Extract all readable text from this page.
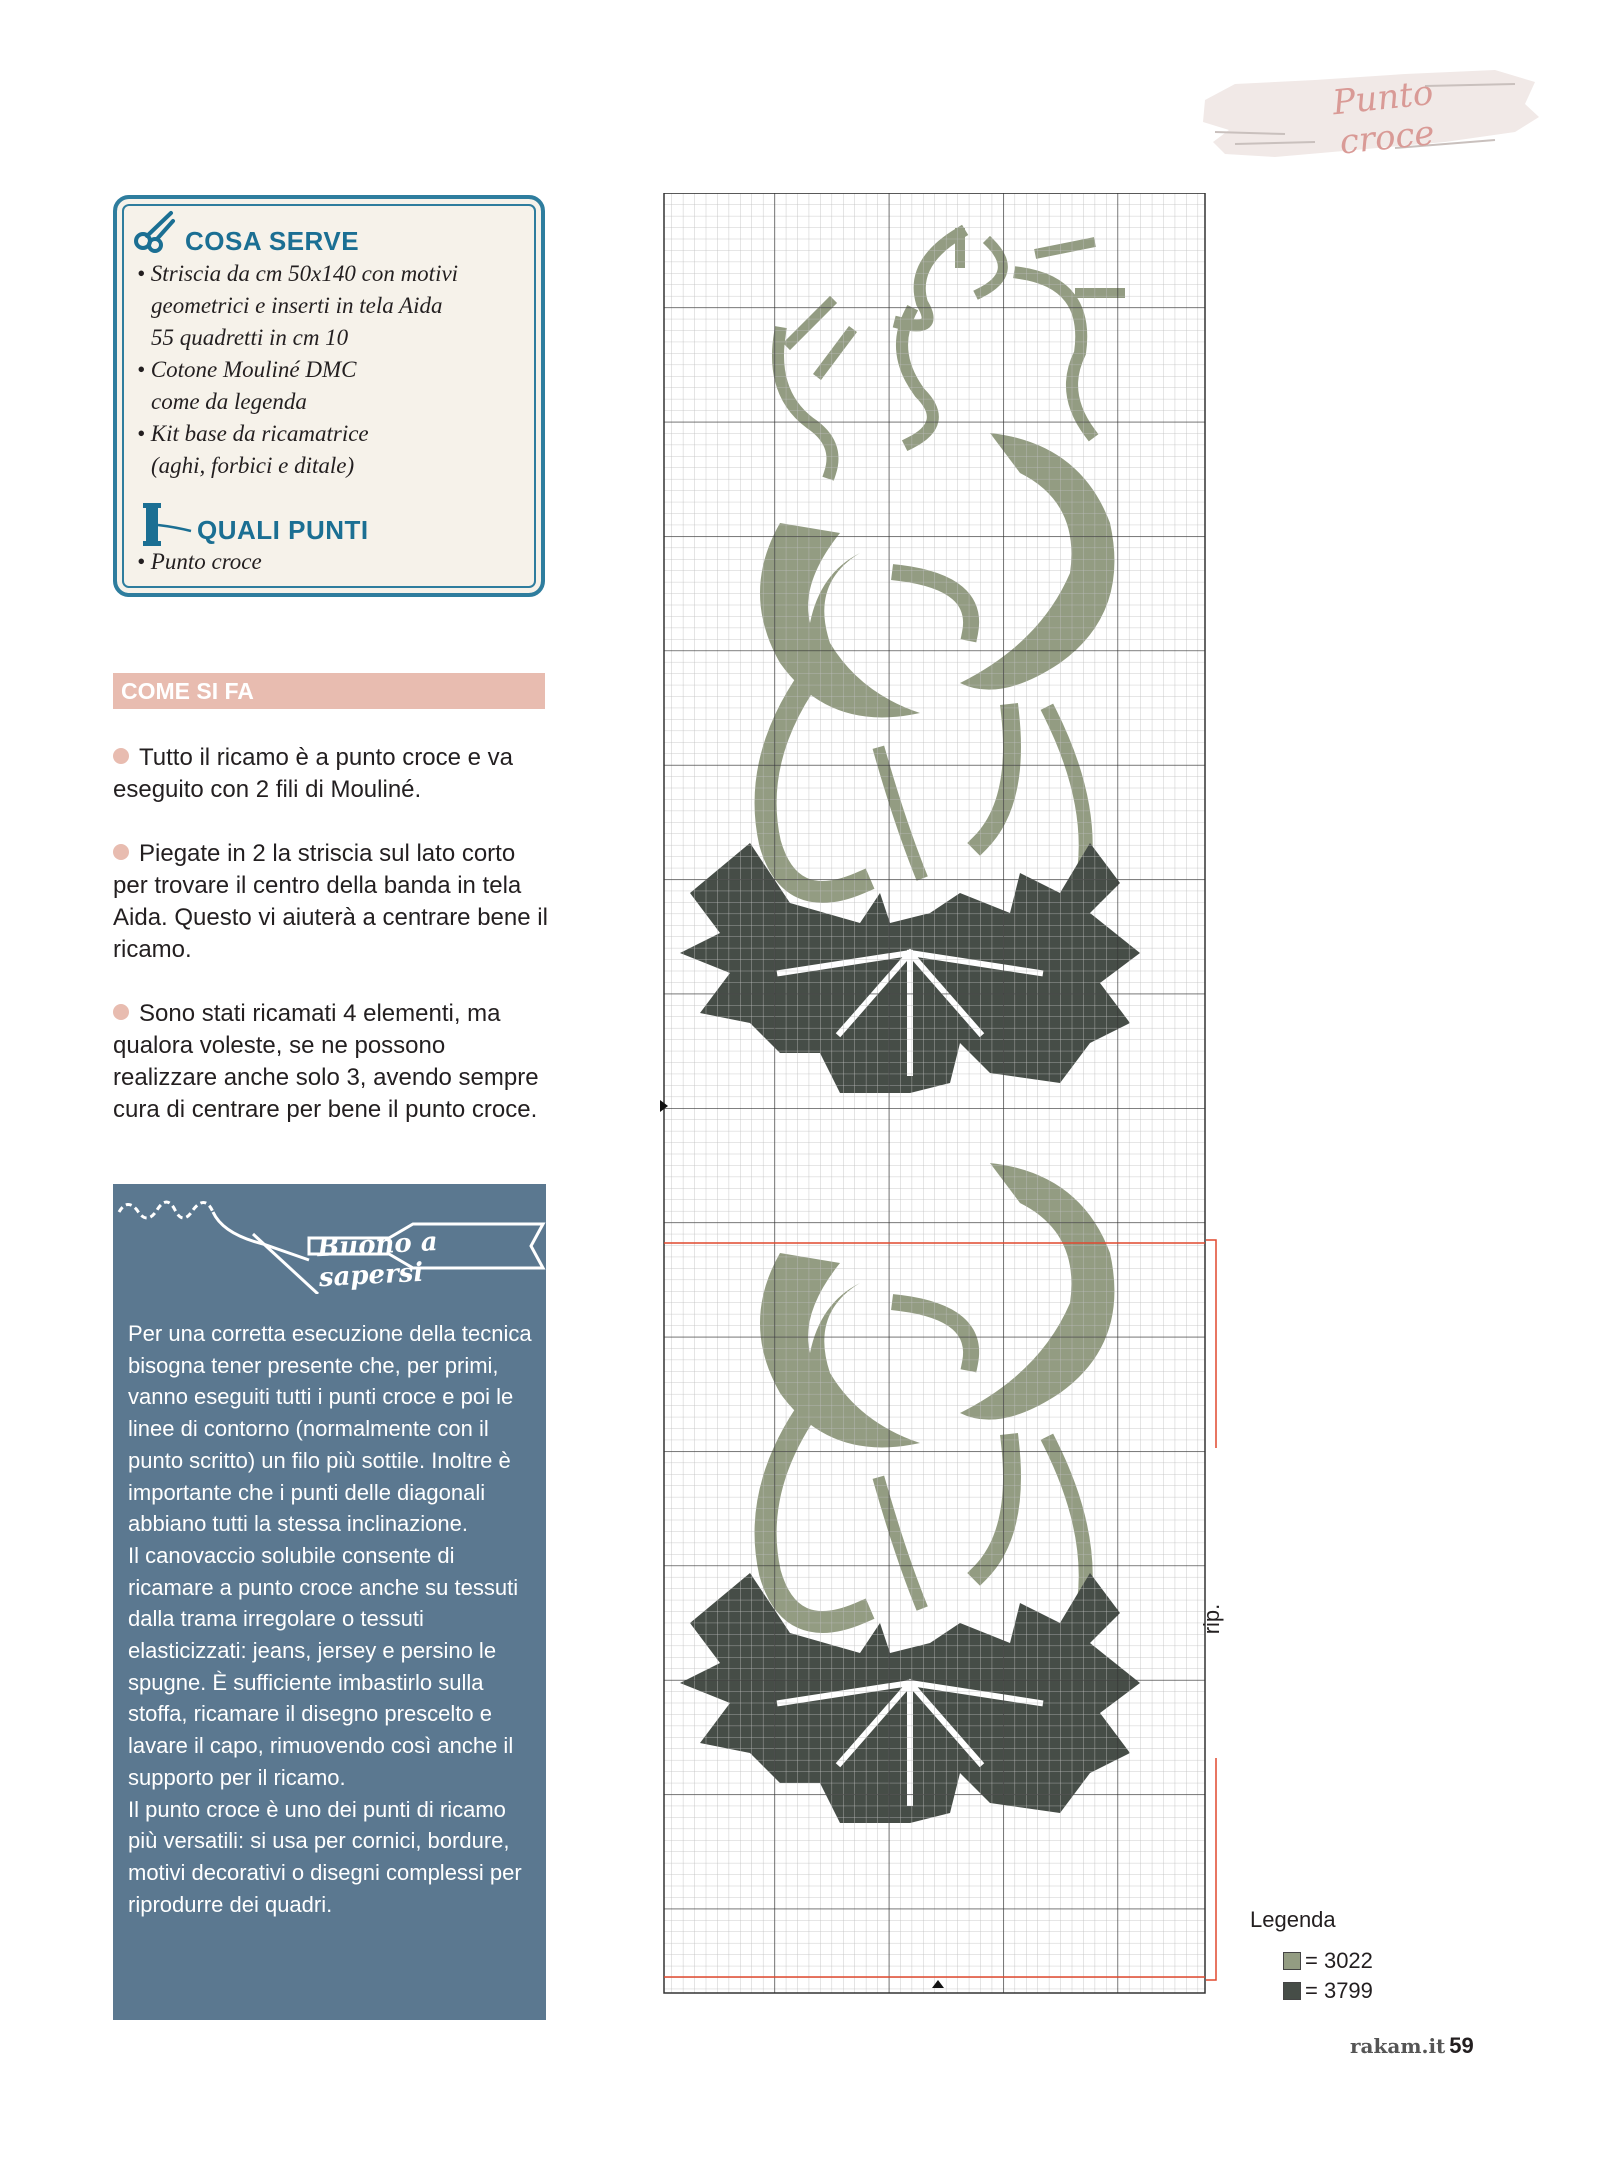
Punto croce
COSA SERVE
• Striscia da cm 50x140 con motivi
geometrici e inserti in tela Aida
55 quadretti in cm 10
• Cotone Mouliné DMC
come da legenda
• Kit base da ricamatrice
(aghi, forbici e ditale)
QUALI PUNTI
• Punto croce
COME SI FA
Tutto il ricamo è a punto croce e va eseguito con 2 fili di Mouliné.
Piegate in 2 la striscia sul lato corto per trovare il centro della banda in tela Aida. Questo vi aiuterà a centrare bene il ricamo.
Sono stati ricamati 4 elementi, ma qualora voleste, se ne possono realizzare anche solo 3, avendo sempre cura di centrare per bene il punto croce.
Buono a sapersi

Per una corretta esecuzione della tecnica bisogna tener presente che, per primi, vanno eseguiti tutti i punti croce e poi le linee di contorno (normalmente con il punto scritto) un filo più sottile. Inoltre è importante che i punti delle diagonali abbiano tutti la stessa inclinazione.

Il canovaccio solubile consente di ricamare a punto croce anche su tessuti dalla trama irregolare o tessuti elasticizzati: jeans, jersey e persino le spugne. È sufficiente imbastirlo sulla stoffa, ricamare il disegno prescelto e lavare il capo, rimuovendo così anche il supporto per il ricamo.

Il punto croce è uno dei punti di ricamo più versatili: si usa per cornici, bordure, motivi decorativi o disegni complessi per riprodurre dei quadri.

rip.
Legenda
= 3022
= 3799
rakam.it 59
